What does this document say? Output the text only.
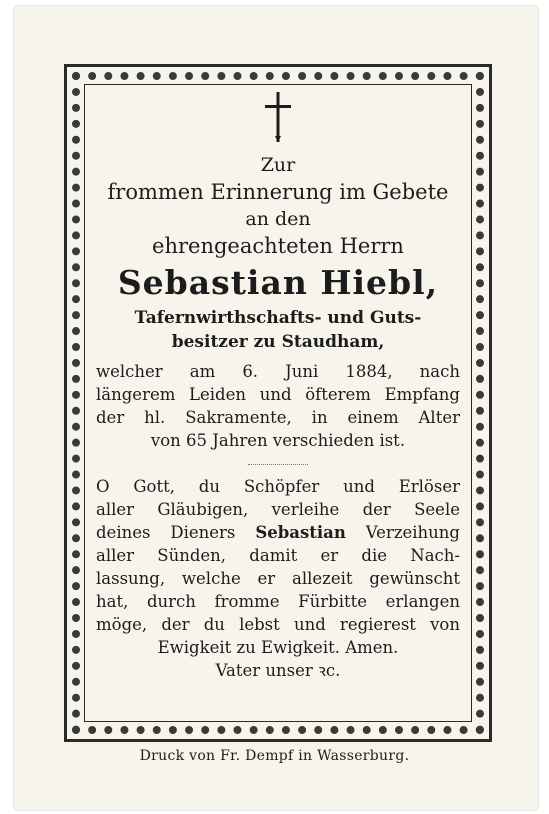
Zur
frommen Erinnerung im Gebete
an den
ehrengeachteten Herrn
Sebastian Hiebl,
Tafernwirthschafts- und Guts-
besitzer zu Staudham,
welcher am 6. Juni 1884, nach
längerem Leiden und öfterem Empfang
der hl. Sakramente, in einem Alter
von 65 Jahren verschieden ist.
O Gott, du Schöpfer und Erlöser
aller Gläubigen, verleihe der Seele
deines Dieners Sebastian Verzeihung
aller Sünden, damit er die Nach-
lassung, welche er allezeit gewünscht
hat, durch fromme Fürbitte erlangen
möge, der du lebst und regierest von
Ewigkeit zu Ewigkeit. Amen.
Vater unser ꝛc.
Druck von Fr. Dempf in Wasserburg.
